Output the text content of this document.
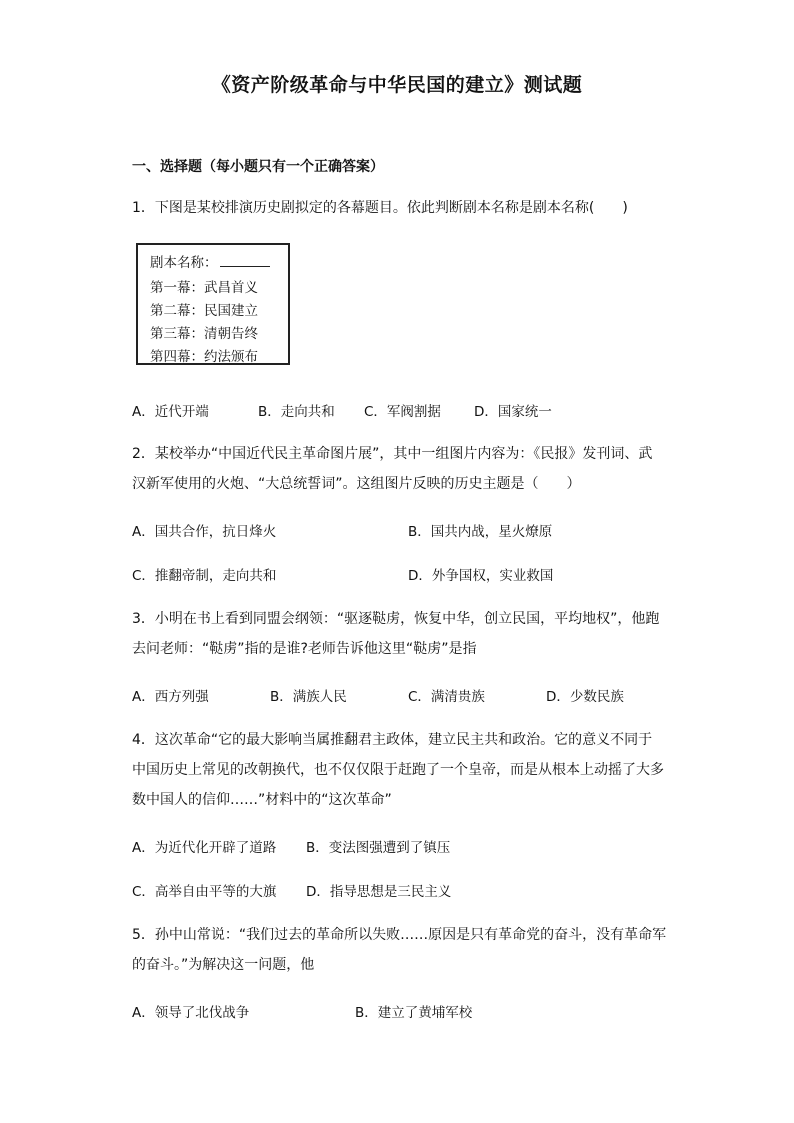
《资产阶级革命与中华民国的建立》测试题
一、选择题（每小题只有一个正确答案）
1．下图是某校排演历史剧拟定的各幕题目。依此判断剧本名称是剧本名称(　　)
剧本名称：
第一幕：武昌首义
第二幕：民国建立
第三幕：清朝告终
第四幕：约法颁布
A．近代开端	B．走向共和 C．军阀割据 D．国家统一
2．某校举办“中国近代民主革命图片展”，其中一组图片内容为：《民报》发刊词、武
汉新军使用的火炮、“大总统誓词”。这组图片反映的历史主题是（　　）
A．国共合作，抗日烽火	B．国共内战，星火燎原
C．推翻帝制，走向共和	D．外争国权，实业救国
3．小明在书上看到同盟会纲领：“驱逐鞑虏，恢复中华，创立民国，平均地权”，他跑
去问老师：“鞑虏”指的是谁?老师告诉他这里“鞑虏”是指
A．西方列强	B．满族人民	C．满清贵族	D．少数民族
4．这次革命“它的最大影响当属推翻君主政体，建立民主共和政治。它的意义不同于
中国历史上常见的改朝换代，也不仅仅限于赶跑了一个皇帝，而是从根本上动摇了大多
数中国人的信仰……”材料中的“这次革命”
A．为近代化开辟了道路 B．变法图强遭到了镇压
C．高举自由平等的大旗 D．指导思想是三民主义
5．孙中山常说：“我们过去的革命所以失败……原因是只有革命党的奋斗，没有革命军
的奋斗。”为解决这一问题，他
A．领导了北伐战争	B．建立了黄埔军校
